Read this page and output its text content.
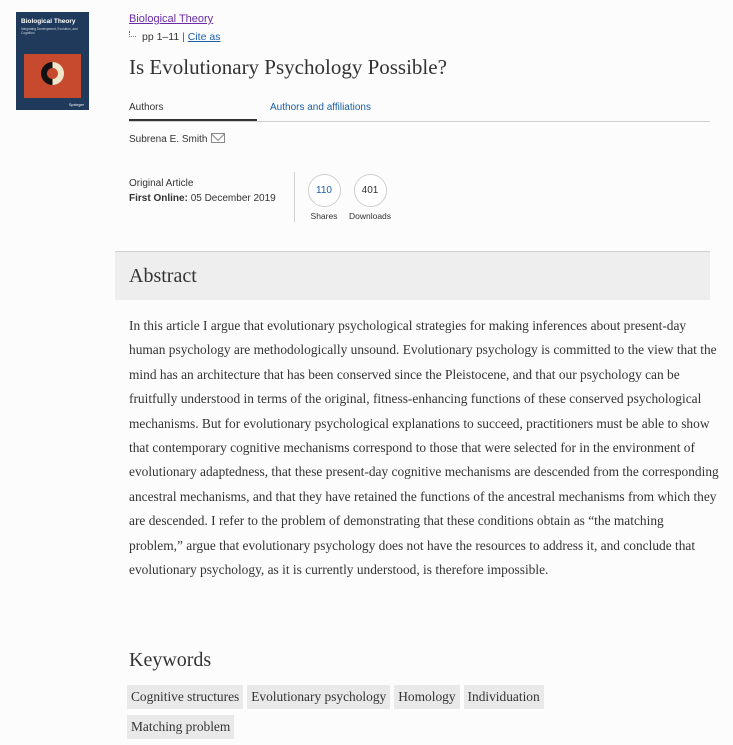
Biological Theory
Integrating Development, Evolution, and Cognition
Springer
Biological Theory
pp 1–11 | Cite as
Is Evolutionary Psychology Possible?
Authors	Authors and affiliations
Subrena E. Smith
Original Article
First Online: 05 December 2019
110
Shares
401
Downloads
Abstract

In this article I argue that evolutionary psychological strategies for making inferences about present-day human psychology are methodologically unsound. Evolutionary psychology is committed to the view that the mind has an architecture that has been conserved since the Pleistocene, and that our psychology can be fruitfully understood in terms of the original, fitness-enhancing functions of these conserved psychological mechanisms. But for evolutionary psychological explanations to succeed, practitioners must be able to show that contemporary cognitive mechanisms correspond to those that were selected for in the environment of evolutionary adaptedness, that these present-day cognitive mechanisms are descended from the corresponding ancestral mechanisms, and that they have retained the functions of the ancestral mechanisms from which they are descended. I refer to the problem of demonstrating that these conditions obtain as “the matching problem,” argue that evolutionary psychology does not have the resources to address it, and conclude that evolutionary psychology, as it is currently understood, is therefore impossible.

Keywords
Cognitive structures Evolutionary psychology Homology Individuation
Matching problem
